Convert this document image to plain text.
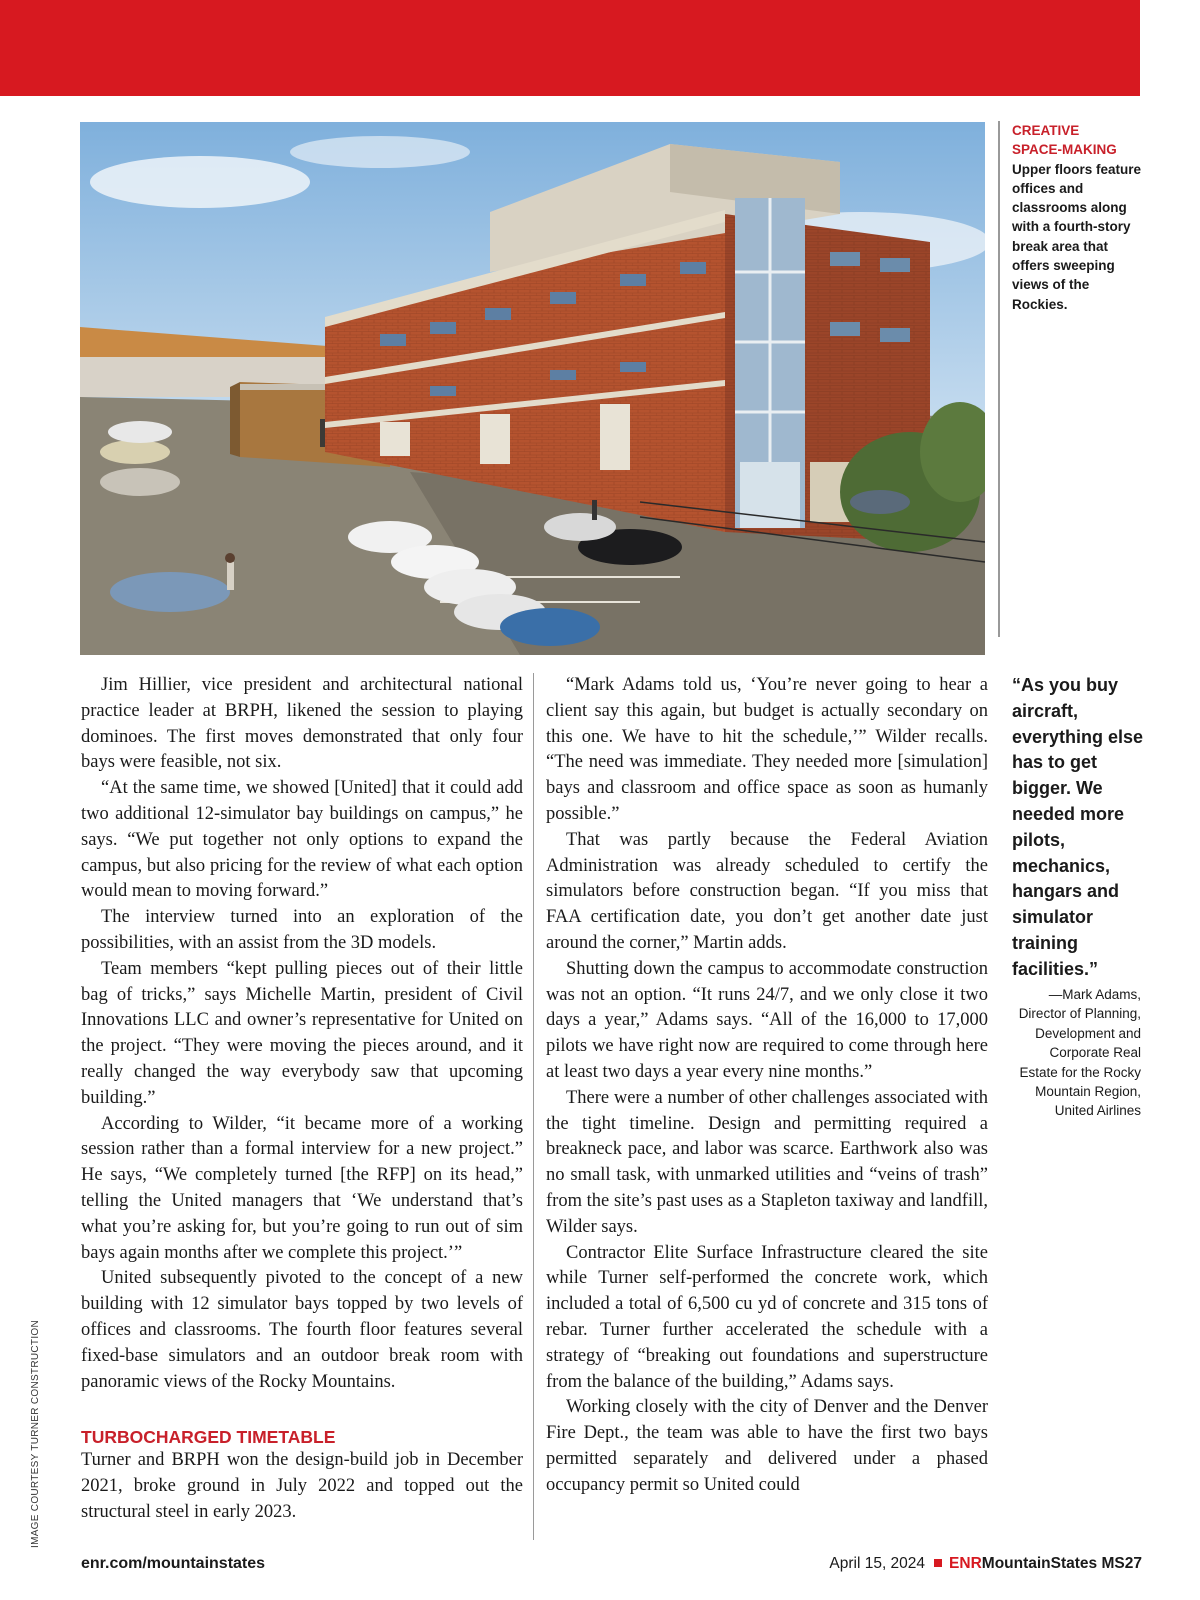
CREATIVE
SPACE-MAKING
Upper floors feature offices and classrooms along with a fourth-story break area that offers sweeping views of the Rockies.

Jim Hillier, vice president and architectural national practice leader at BRPH, likened the session to playing dominoes. The first moves demonstrated that only four bays were feasible, not six.

“At the same time, we showed [United] that it could add two additional 12-simulator bay buildings on campus,” he says. “We put together not only options to expand the campus, but also pricing for the review of what each option would mean to moving forward.”

The interview turned into an exploration of the possibilities, with an assist from the 3D models.

Team members “kept pulling pieces out of their little bag of tricks,” says Michelle Martin, president of Civil Innovations LLC and owner’s representative for United on the project. “They were moving the pieces around, and it really changed the way everybody saw that upcoming building.”

According to Wilder, “it became more of a working session rather than a formal interview for a new project.” He says, “We completely turned [the RFP] on its head,” telling the United managers that ‘We understand that’s what you’re asking for, but you’re going to run out of sim bays again months after we complete this project.’”

United subsequently pivoted to the concept of a new building with 12 simulator bays topped by two levels of offices and classrooms. The fourth floor features several fixed-base simulators and an outdoor break room with panoramic views of the Rocky Mountains.

TURBOCHARGED TIMETABLE

Turner and BRPH won the design-build job in December 2021, broke ground in July 2022 and topped out the structural steel in early 2023.

“Mark Adams told us, ‘You’re never going to hear a client say this again, but budget is actually secondary on this one. We have to hit the schedule,’” Wilder recalls. “The need was immediate. They needed more [simulation] bays and classroom and office space as soon as humanly possible.”

That was partly because the Federal Aviation Administration was already scheduled to certify the simulators before construction began. “If you miss that FAA certification date, you don’t get another date just around the corner,” Martin adds.

Shutting down the campus to accommodate construction was not an option. “It runs 24/7, and we only close it two days a year,” Adams says. “All of the 16,000 to 17,000 pilots we have right now are required to come through here at least two days a year every nine months.”

There were a number of other challenges associated with the tight timeline. Design and permitting required a breakneck pace, and labor was scarce. Earthwork also was no small task, with unmarked utilities and “veins of trash” from the site’s past uses as a Stapleton taxiway and landfill, Wilder says.

Contractor Elite Surface Infrastructure cleared the site while Turner self-performed the concrete work, which included a total of 6,500 cu yd of concrete and 315 tons of rebar. Turner further accelerated the schedule with a strategy of “breaking out foundations and superstructure from the balance of the building,” Adams says.

Working closely with the city of Denver and the Denver Fire Dept., the team was able to have the first two bays permitted separately and delivered under a phased occupancy permit so United could

“As you buy aircraft, everything else has to get bigger. We needed more pilots, mechanics, hangars and simulator training facilities.”
—Mark Adams, Director of Planning, Development and Corporate Real Estate for the Rocky Mountain Region, United Airlines
IMAGE COURTESY TURNER CONSTRUCTION
enr.com/mountainstates	April 15, 2024 ENRMountainStates MS27
